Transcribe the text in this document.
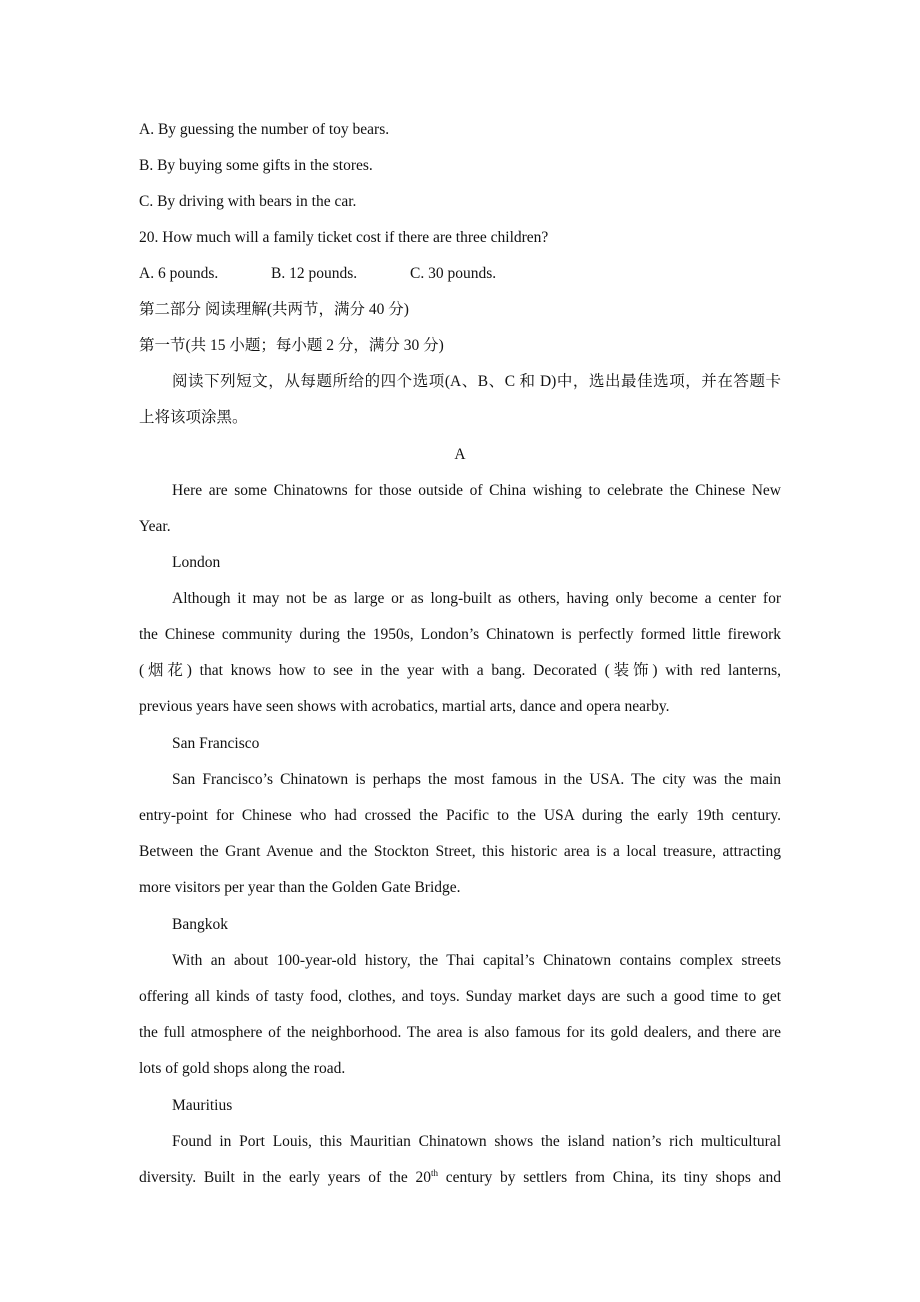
A. By guessing the number of toy bears.
B. By buying some gifts in the stores.
C. By driving with bears in the car.
20. How much will a family ticket cost if there are three children?
A. 6 pounds.	B. 12 pounds.	C. 30 pounds.
第二部分 阅读理解(共两节，满分 40 分)
第一节(共 15 小题；每小题 2 分，满分 30 分)
阅读下列短文，从每题所给的四个选项(A、B、C 和 D)中，选出最佳选项，并在答题卡
上将该项涂黑。
A
Here are some Chinatowns for those outside of China wishing to celebrate the Chinese New
Year.
London
Although it may not be as large or as long-built as others, having only become a center for
the Chinese community during the 1950s, London’s Chinatown is perfectly formed little firework
(烟花) that knows how to see in the year with a bang. Decorated (装饰) with red lanterns,
previous years have seen shows with acrobatics, martial arts, dance and opera nearby.
San Francisco
San Francisco’s Chinatown is perhaps the most famous in the USA. The city was the main
entry-point for Chinese who had crossed the Pacific to the USA during the early 19th century.
Between the Grant Avenue and the Stockton Street, this historic area is a local treasure, attracting
more visitors per year than the Golden Gate Bridge.
Bangkok
With an about 100-year-old history, the Thai capital’s Chinatown contains complex streets
offering all kinds of tasty food, clothes, and toys. Sunday market days are such a good time to get
the full atmosphere of the neighborhood. The area is also famous for its gold dealers, and there are
lots of gold shops along the road.
Mauritius
Found in Port Louis, this Mauritian Chinatown shows the island nation’s rich multicultural
diversity. Built in the early years of the 20th century by settlers from China, its tiny shops and
